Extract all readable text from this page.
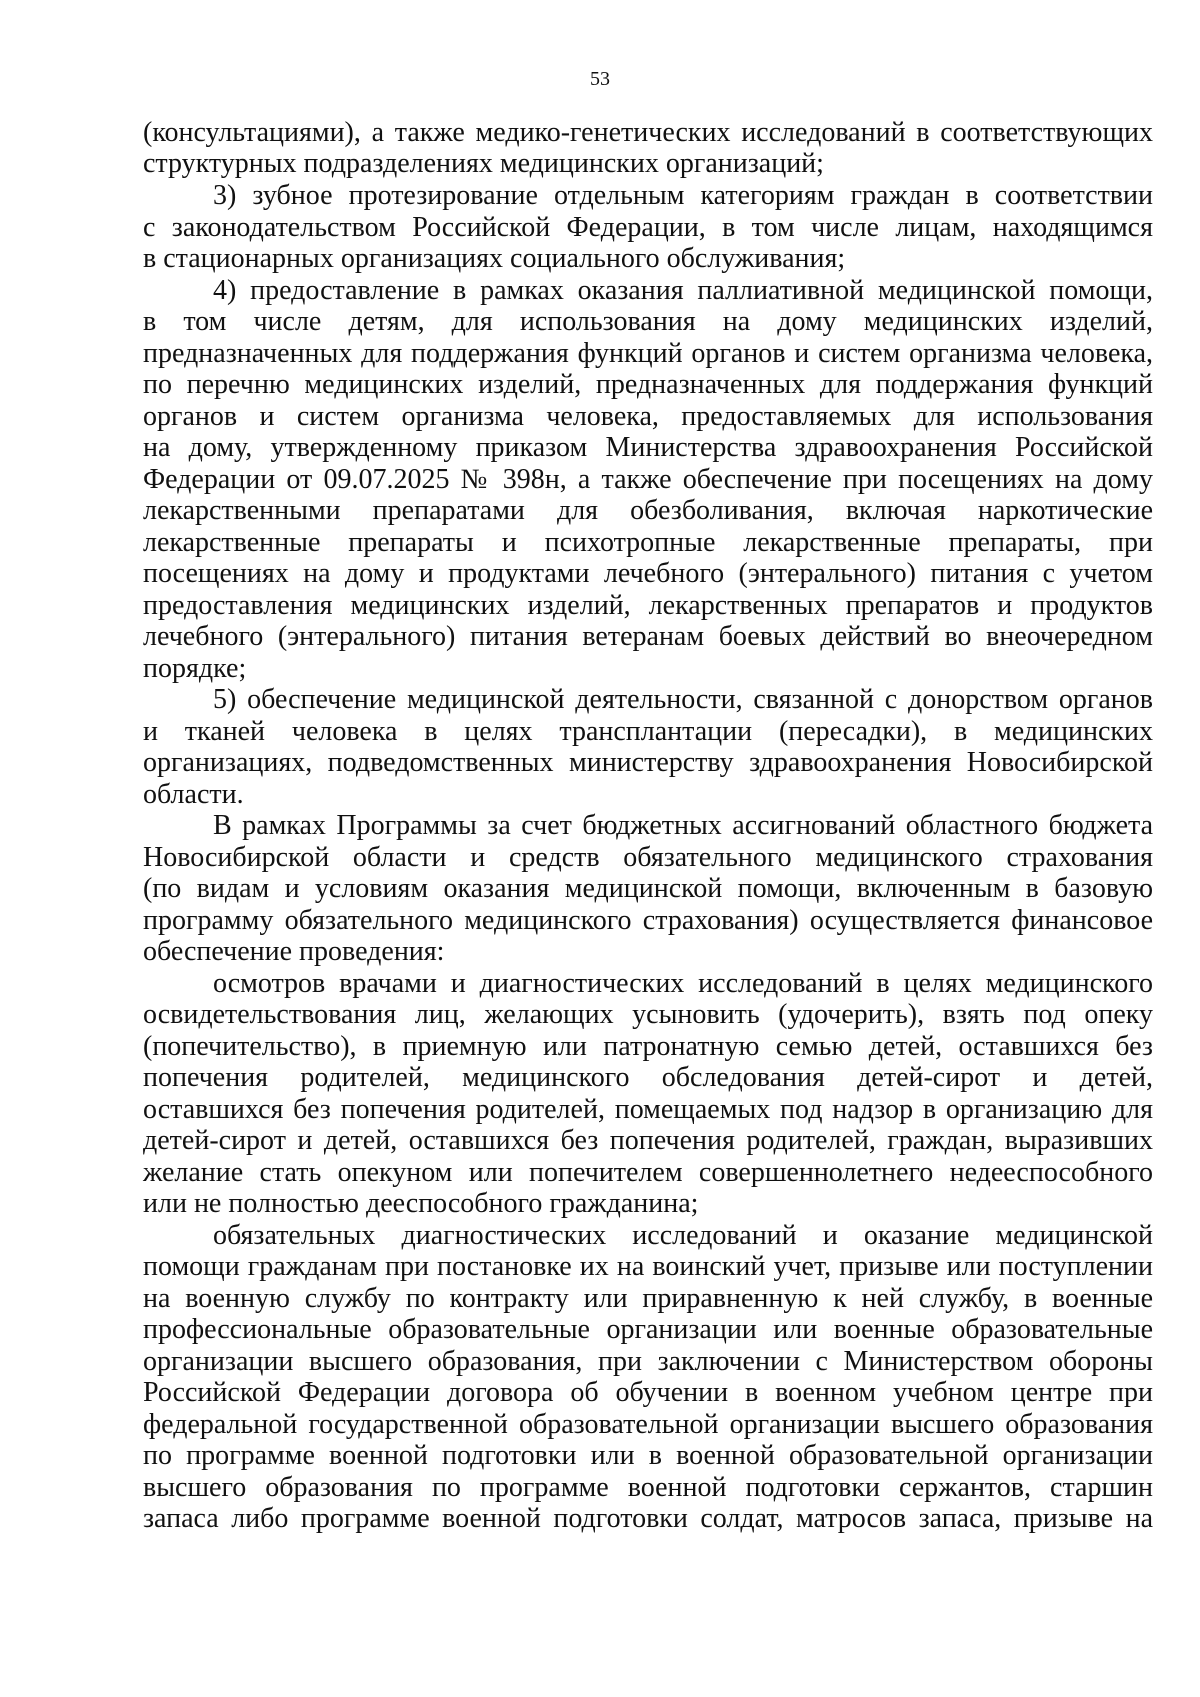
53
(консультациями), а также медико-генетических исследований в соответствующих
структурных подразделениях медицинских организаций;
3) зубное протезирование отдельным категориям граждан в соответствии
с законодательством Российской Федерации, в том числе лицам, находящимся
в стационарных организациях социального обслуживания;
4) предоставление в рамках оказания паллиативной медицинской помощи,
в том числе детям, для использования на дому медицинских изделий,
предназначенных для поддержания функций органов и систем организма человека,
по перечню медицинских изделий, предназначенных для поддержания функций
органов и систем организма человека, предоставляемых для использования
на дому, утвержденному приказом Министерства здравоохранения Российской
Федерации от 09.07.2025 № 398н, а также обеспечение при посещениях на дому
лекарственными препаратами для обезболивания, включая наркотические
лекарственные препараты и психотропные лекарственные препараты, при
посещениях на дому и продуктами лечебного (энтерального) питания с учетом
предоставления медицинских изделий, лекарственных препаратов и продуктов
лечебного (энтерального) питания ветеранам боевых действий во внеочередном
порядке;
5) обеспечение медицинской деятельности, связанной с донорством органов
и тканей человека в целях трансплантации (пересадки), в медицинских
организациях, подведомственных министерству здравоохранения Новосибирской
области.
В рамках Программы за счет бюджетных ассигнований областного бюджета
Новосибирской области и средств обязательного медицинского страхования
(по видам и условиям оказания медицинской помощи, включенным в базовую
программу обязательного медицинского страхования) осуществляется финансовое
обеспечение проведения:
осмотров врачами и диагностических исследований в целях медицинского
освидетельствования лиц, желающих усыновить (удочерить), взять под опеку
(попечительство), в приемную или патронатную семью детей, оставшихся без
попечения родителей, медицинского обследования детей-сирот и детей,
оставшихся без попечения родителей, помещаемых под надзор в организацию для
детей-сирот и детей, оставшихся без попечения родителей, граждан, выразивших
желание стать опекуном или попечителем совершеннолетнего недееспособного
или не полностью дееспособного гражданина;
обязательных диагностических исследований и оказание медицинской
помощи гражданам при постановке их на воинский учет, призыве или поступлении
на военную службу по контракту или приравненную к ней службу, в военные
профессиональные образовательные организации или военные образовательные
организации высшего образования, при заключении с Министерством обороны
Российской Федерации договора об обучении в военном учебном центре при
федеральной государственной образовательной организации высшего образования
по программе военной подготовки или в военной образовательной организации
высшего образования по программе военной подготовки сержантов, старшин
запаса либо программе военной подготовки солдат, матросов запаса, призыве на
